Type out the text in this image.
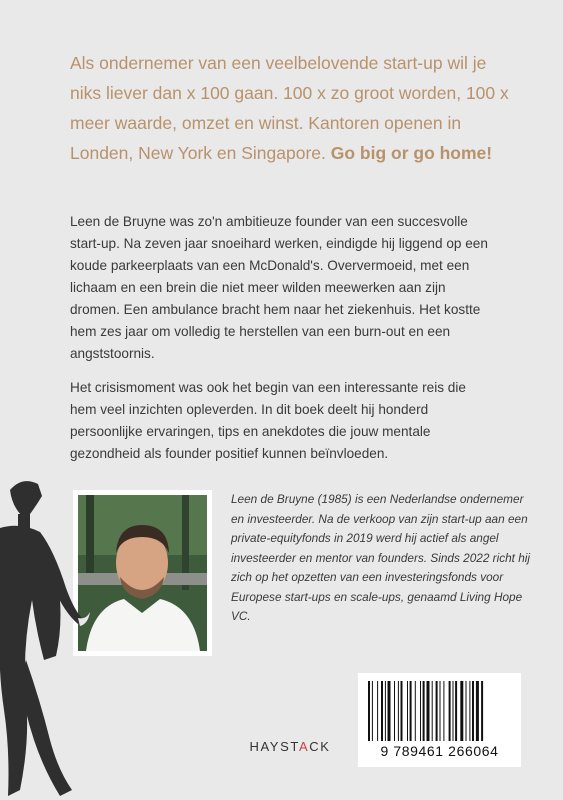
Als ondernemer van een veelbelovende start-up wil je niks liever dan x 100 gaan. 100 x zo groot worden, 100 x meer waarde, omzet en winst. Kantoren openen in Londen, New York en Singapore. Go big or go home!

Leen de Bruyne was zo'n ambitieuze founder van een succesvolle start-up. Na zeven jaar snoeihard werken, eindigde hij liggend op een koude parkeerplaats van een McDonald's. Oververmoeid, met een lichaam en een brein die niet meer wilden meewerken aan zijn dromen. Een ambulance bracht hem naar het ziekenhuis. Het kostte hem zes jaar om volledig te herstellen van een burn-out en een angststoornis.

Het crisismoment was ook het begin van een interessante reis die hem veel inzichten opleverden. In dit boek deelt hij honderd persoonlijke ervaringen, tips en anekdotes die jouw mentale gezondheid als founder positief kunnen beïnvloeden.

Leen de Bruyne (1985) is een Nederlandse ondernemer en investeerder. Na de verkoop van zijn start-up aan een private-equityfonds in 2019 werd hij actief als angel investeerder en mentor van founders. Sinds 2022 richt hij zich op het opzetten van een investeringsfonds voor Europese start-ups en scale-ups, genaamd Living Hope VC.

9 789461 266064
HAYSTACK
